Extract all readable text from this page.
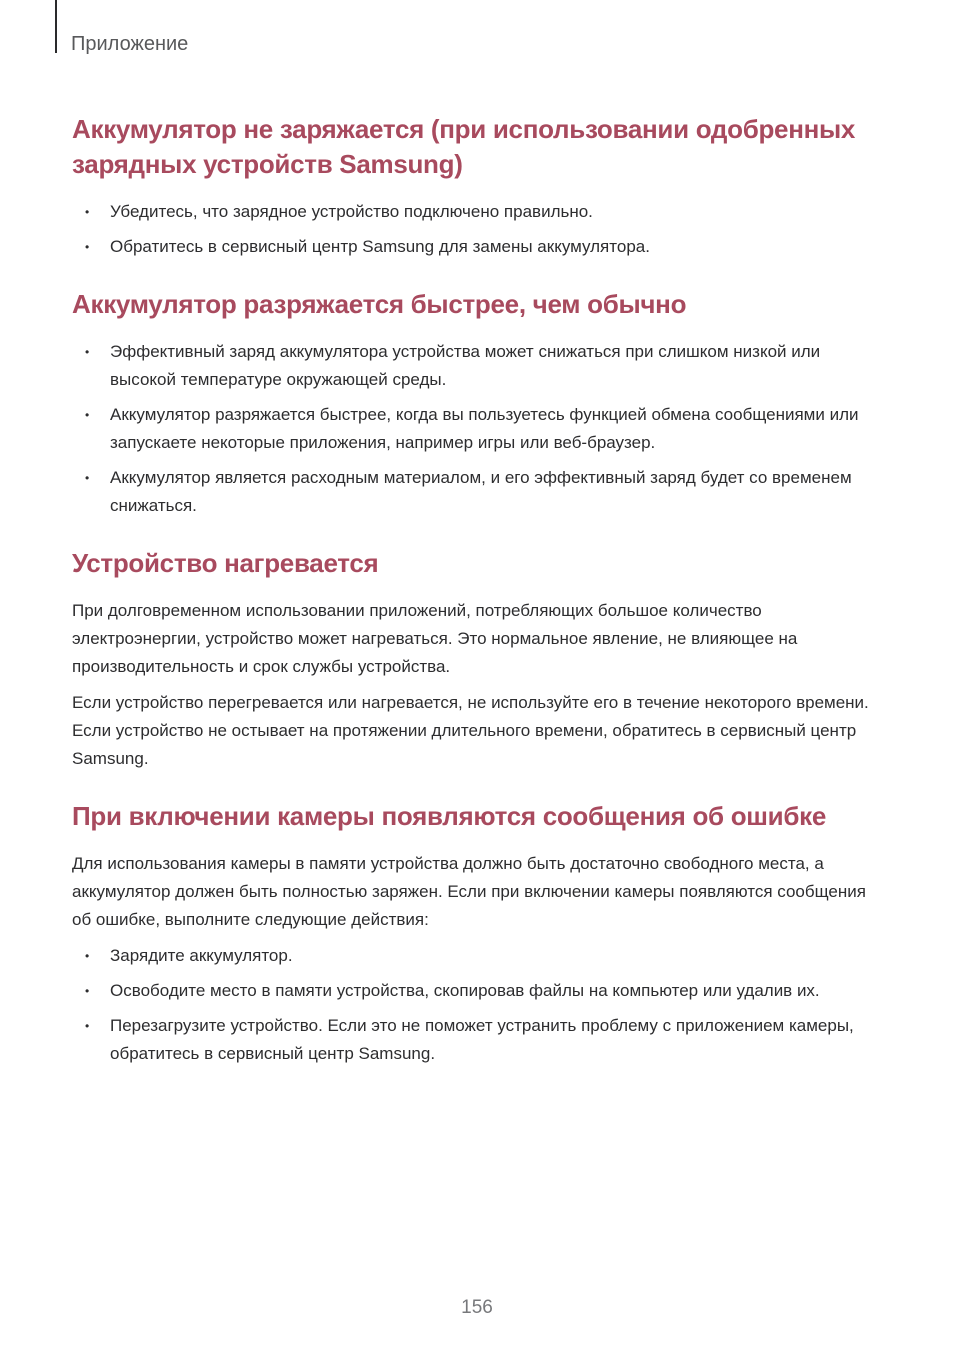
Приложение
Аккумулятор не заряжается (при использовании одобренных зарядных устройств Samsung)
• Убедитесь, что зарядное устройство подключено правильно.
• Обратитесь в сервисный центр Samsung для замены аккумулятора.
Аккумулятор разряжается быстрее, чем обычно
• Эффективный заряд аккумулятора устройства может снижаться при слишком низкой или высокой температуре окружающей среды.
• Аккумулятор разряжается быстрее, когда вы пользуетесь функцией обмена сообщениями или запускаете некоторые приложения, например игры или веб-браузер.
• Аккумулятор является расходным материалом, и его эффективный заряд будет со временем снижаться.
Устройство нагревается

При долговременном использовании приложений, потребляющих большое количество электроэнергии, устройство может нагреваться. Это нормальное явление, не влияющее на производительность и срок службы устройства.

Если устройство перегревается или нагревается, не используйте его в течение некоторого времени. Если устройство не остывает на протяжении длительного времени, обратитесь в сервисный центр Samsung.

При включении камеры появляются сообщения об ошибке

Для использования камеры в памяти устройства должно быть достаточно свободного места, а аккумулятор должен быть полностью заряжен. Если при включении камеры появляются сообщения об ошибке, выполните следующие действия:

• Зарядите аккумулятор.
• Освободите место в памяти устройства, скопировав файлы на компьютер или удалив их.
• Перезагрузите устройство. Если это не поможет устранить проблему с приложением камеры, обратитесь в сервисный центр Samsung.
156
